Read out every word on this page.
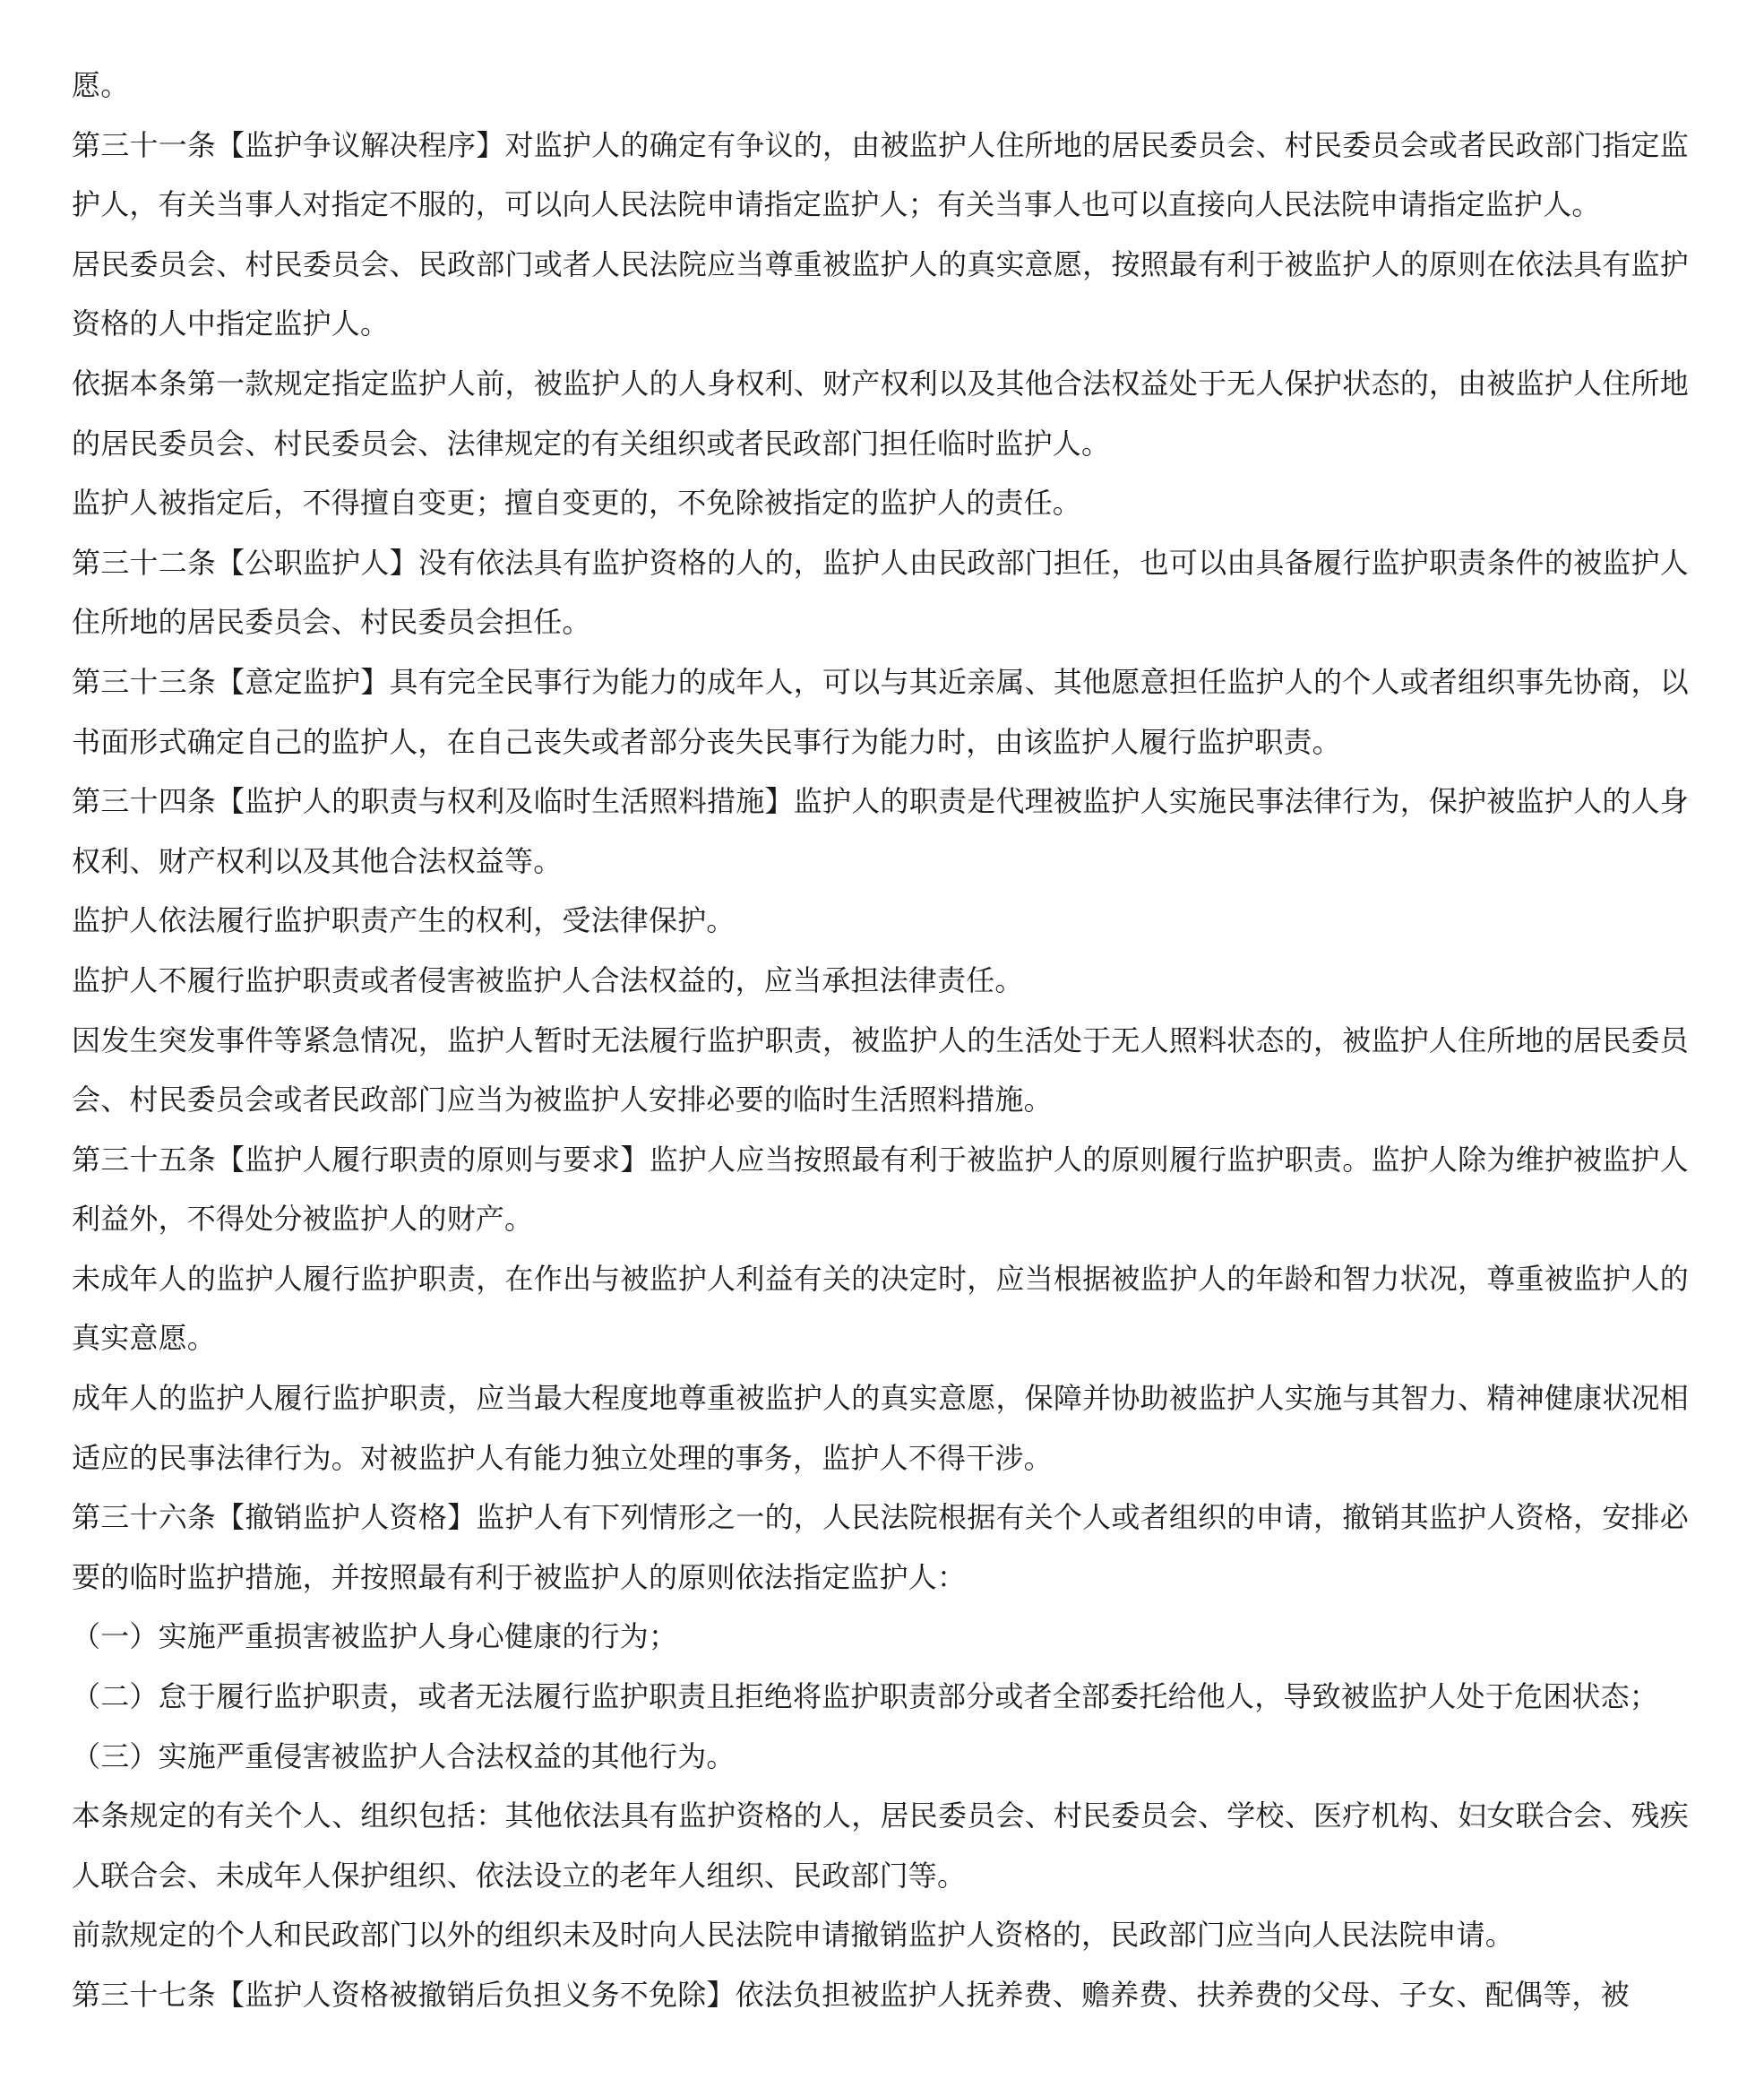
愿。

第三十一条【监护争议解决程序】对监护人的确定有争议的，由被监护人住所地的居民委员会、村民委员会或者民政部门指定监护人，有关当事人对指定不服的，可以向人民法院申请指定监护人；有关当事人也可以直接向人民法院申请指定监护人。

居民委员会、村民委员会、民政部门或者人民法院应当尊重被监护人的真实意愿，按照最有利于被监护人的原则在依法具有监护资格的人中指定监护人。

依据本条第一款规定指定监护人前，被监护人的人身权利、财产权利以及其他合法权益处于无人保护状态的，由被监护人住所地的居民委员会、村民委员会、法律规定的有关组织或者民政部门担任临时监护人。

监护人被指定后，不得擅自变更；擅自变更的，不免除被指定的监护人的责任。

第三十二条【公职监护人】没有依法具有监护资格的人的，监护人由民政部门担任，也可以由具备履行监护职责条件的被监护人住所地的居民委员会、村民委员会担任。

第三十三条【意定监护】具有完全民事行为能力的成年人，可以与其近亲属、其他愿意担任监护人的个人或者组织事先协商，以书面形式确定自己的监护人，在自己丧失或者部分丧失民事行为能力时，由该监护人履行监护职责。

第三十四条【监护人的职责与权利及临时生活照料措施】监护人的职责是代理被监护人实施民事法律行为，保护被监护人的人身权利、财产权利以及其他合法权益等。

监护人依法履行监护职责产生的权利，受法律保护。

监护人不履行监护职责或者侵害被监护人合法权益的，应当承担法律责任。

因发生突发事件等紧急情况，监护人暂时无法履行监护职责，被监护人的生活处于无人照料状态的，被监护人住所地的居民委员会、村民委员会或者民政部门应当为被监护人安排必要的临时生活照料措施。

第三十五条【监护人履行职责的原则与要求】监护人应当按照最有利于被监护人的原则履行监护职责。监护人除为维护被监护人利益外，不得处分被监护人的财产。

未成年人的监护人履行监护职责，在作出与被监护人利益有关的决定时，应当根据被监护人的年龄和智力状况，尊重被监护人的真实意愿。

成年人的监护人履行监护职责，应当最大程度地尊重被监护人的真实意愿，保障并协助被监护人实施与其智力、精神健康状况相适应的民事法律行为。对被监护人有能力独立处理的事务，监护人不得干涉。

第三十六条【撤销监护人资格】监护人有下列情形之一的，人民法院根据有关个人或者组织的申请，撤销其监护人资格，安排必要的临时监护措施，并按照最有利于被监护人的原则依法指定监护人：

（一）实施严重损害被监护人身心健康的行为；

（二）怠于履行监护职责，或者无法履行监护职责且拒绝将监护职责部分或者全部委托给他人，导致被监护人处于危困状态；

（三）实施严重侵害被监护人合法权益的其他行为。

本条规定的有关个人、组织包括：其他依法具有监护资格的人，居民委员会、村民委员会、学校、医疗机构、妇女联合会、残疾人联合会、未成年人保护组织、依法设立的老年人组织、民政部门等。

前款规定的个人和民政部门以外的组织未及时向人民法院申请撤销监护人资格的，民政部门应当向人民法院申请。

第三十七条【监护人资格被撤销后负担义务不免除】依法负担被监护人抚养费、赡养费、扶养费的父母、子女、配偶等，被
